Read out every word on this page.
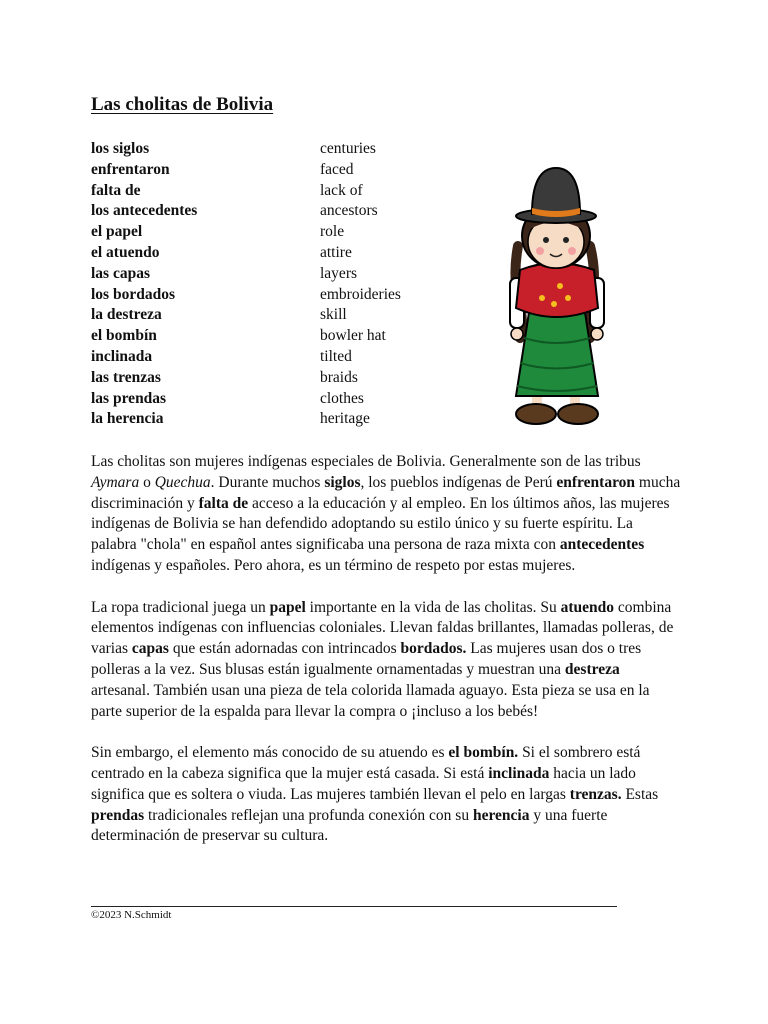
Las cholitas de Bolivia
los siglos	centuries
enfrentaron	faced
falta de	lack of
los antecedentes	ancestors
el papel	role
el atuendo	attire
las capas	layers
los bordados	embroideries
la destreza	skill
el bombín	bowler hat
inclinada	tilted
las trenzas	braids
las prendas	clothes
la herencia	heritage

Las cholitas son mujeres indígenas especiales de Bolivia. Generalmente son de las tribus Aymara o Quechua. Durante muchos siglos, los pueblos indígenas de Perú enfrentaron mucha discriminación y falta de acceso a la educación y al empleo. En los últimos años, las mujeres indígenas de Bolivia se han defendido adoptando su estilo único y su fuerte espíritu. La palabra "chola" en español antes significaba una persona de raza mixta con antecedentes indígenas y españoles. Pero ahora, es un término de respeto por estas mujeres.

La ropa tradicional juega un papel importante en la vida de las cholitas. Su atuendo combina elementos indígenas con influencias coloniales. Llevan faldas brillantes, llamadas polleras, de varias capas que están adornadas con intrincados bordados. Las mujeres usan dos o tres polleras a la vez. Sus blusas están igualmente ornamentadas y muestran una destreza artesanal. También usan una pieza de tela colorida llamada aguayo. Esta pieza se usa en la parte superior de la espalda para llevar la compra o ¡incluso a los bebés!

Sin embargo, el elemento más conocido de su atuendo es el bombín. Si el sombrero está centrado en la cabeza significa que la mujer está casada. Si está inclinada hacia un lado significa que es soltera o viuda. Las mujeres también llevan el pelo en largas trenzas. Estas prendas tradicionales reflejan una profunda conexión con su herencia y una fuerte determinación de preservar su cultura.

©2023 N.Schmidt
